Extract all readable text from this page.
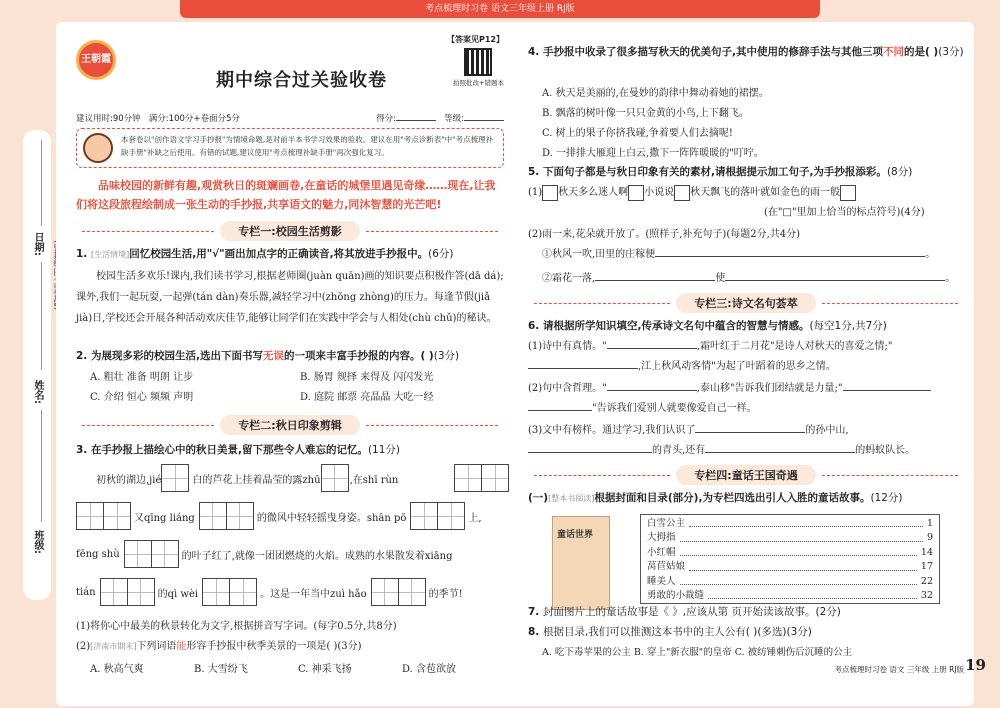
考点梳理时习卷 语文三年级上册 RJ版
日期:
姓名:
班级:
王朝霞
【答案见P12】
拍照批改+错题本
期中综合过关验收卷
建议用时:90分钟 满分:100分+卷面分5分	得分:	等级:
本套卷以"创作语文学习手抄报"为情境命题,是对前半本书学习效果的验收。建议在用"考点诊断表"中"考点梳理补缺手册"补缺之后使用。有错的试题,建议使用"考点梳理补缺手册"再次强化复习。
品味校园的新鲜有趣,观赏秋日的斑斓画卷,在童话的城堡里遇见奇缘……现在,让我们将这段旅程绘制成一张生动的手抄报,共享语文的魅力,同沐智慧的光芒吧!
专栏一:校园生活剪影
1. [生活情境]回忆校园生活,用"√"画出加点字的正确读音,将其放进手抄报中。(6分)
校园生活多欢乐!课内,我们读书学习,根据老师圈(juàn quān)画的知识要点积极作答(dā dá);课外,我们一起玩耍,一起弹(tán dàn)奏乐器,减轻学习中(zhōng zhòng)的压力。每逢节假(jiǎ jià)日,学校还会开展各种活动欢庆佳节,能够让同学们在实践中学会与人相处(chù chǔ)的秘诀。
2. 为展现多彩的校园生活,选出下面书写无误的一项来丰富手抄报的内容。( )(3分)
A. 粗壮 准备 明朗 让步	B. 肠胃 规择 来得及 闪闪发光
C. 介绍 恒心 频频 声明	D. 庭院 邮票 亮晶晶 大吃一经
专栏二:秋日印象剪辑
3. 在手抄报上描绘心中的秋日美景,留下那些令人难忘的记忆。(11分)
初秋的湖边,jié	白的芦花上挂着晶莹的露zhū	,在shī rùn
又qīng liáng	的微风中轻轻摇曳身姿。shān pō	上,
fēng shù	的叶子红了,就像一团团燃烧的火焰。成熟的水果散发着xiāng
tián	的qì wèi	。这是一年当中zuì hǎo	的季节!
(1)将你心中最美的秋景转化为文字,根据拼音写字词。(每字0.5分,共8分)
(2)[济南市期末]下列词语能形容手抄报中秋季美景的一项是( )(3分)
A. 秋高气爽	B. 大雪纷飞	C. 神采飞扬	D. 含苞欲放
4. 手抄报中收录了很多描写秋天的优美句子,其中使用的修辞手法与其他三项不同的是( )(3分)
A. 秋天是美丽的,在曼妙的韵律中舞动着她的裙摆。
B. 飘落的树叶像一只只金黄的小鸟,上下翻飞。
C. 树上的果子你挤我碰,争着要人们去摘呢!
D. 一排排大雁迎上白云,撒下一阵阵暖暖的"叮咛。
5. 下面句子都是与秋日印象有关的素材,请根据提示加工句子,为手抄报添彩。(8分)
(1) 秋天多么迷人啊 小说说 秋天飘飞的落叶就如金色的雨一般
(在"□"里加上恰当的标点符号)(4分)
(2)雨一来,花朵就开放了。(照样子,补充句子)(每题2分,共4分)
①秋风一吹,田里的庄稼便	。
②霜花一落,	使	。
专栏三:诗文名句荟萃
6. 请根据所学知识填空,传承诗文名句中蕴含的智慧与情感。(每空1分,共7分)
(1)诗中有真情。"	,霜叶红于二月花"是诗人对秋天的喜爱之情;"
,江上秋风动客情"为起了叶蹈着的思乡之情。
(2)句中含哲理。"	,泰山移"告诉我们团结就是力量;"
"告诉我们爱别人就要像爱自己一样。
(3)文中有榜样。通过学习,我们认识了	的孙中山,
的青头,还有	的蚂蚁队长。
专栏四:童话王国奇遇
(一)[整本书阅读]根据封面和目录(部分),为专栏四选出引人入胜的童话故事。(12分)
童话世界
白雪公主	1
大拇指	9
小红帽	14
莴苣姑娘	17
睡美人	22
勇敢的小裁缝	32
7. 封面图片上的童话故事是《 》,应该从第 页开始读该故事。(2分)
8. 根据目录,我们可以推测这本书中的主人公有( )(多选)(3分)
A. 吃下毒苹果的公主 B. 穿上"新衣服"的皇帝 C. 被纺锤刺伤后沉睡的公主
考点梳理时习卷 语文 三年级 上册 RJ版 19
